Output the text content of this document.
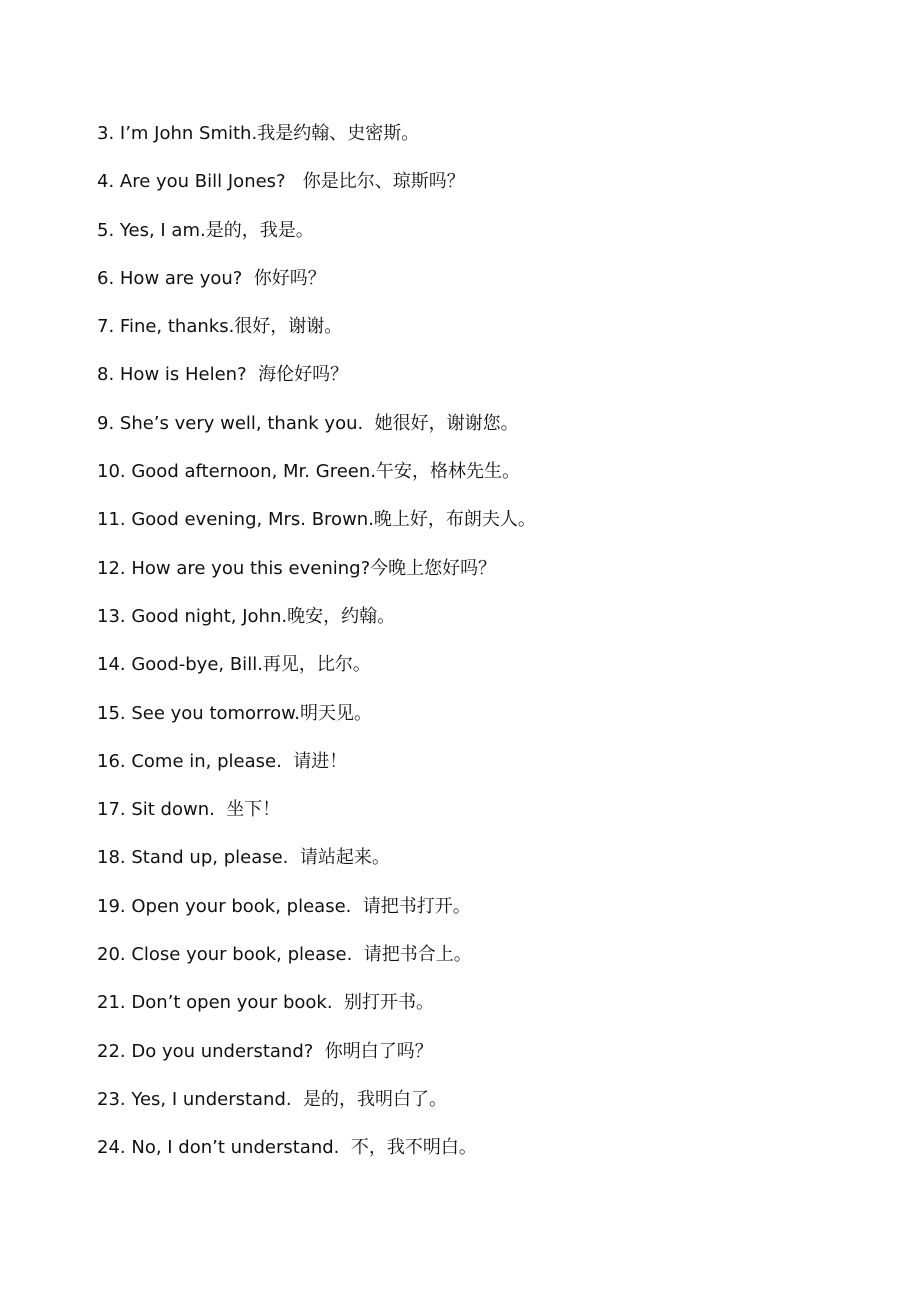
3. I’m John Smith.我是约翰、史密斯。
4. Are you Bill Jones?   你是比尔、琼斯吗？
5. Yes, I am.是的，我是。
6. How are you?  你好吗？
7. Fine, thanks.很好，谢谢。
8. How is Helen?  海伦好吗？
9. She’s very well, thank you.  她很好，谢谢您。
10. Good afternoon, Mr. Green.午安，格林先生。
11. Good evening, Mrs. Brown.晚上好，布朗夫人。
12. How are you this evening?今晚上您好吗？
13. Good night, John.晚安，约翰。
14. Good-bye, Bill.再见，比尔。
15. See you tomorrow.明天见。
16. Come in, please.  请进！
17. Sit down.  坐下！
18. Stand up, please.  请站起来。
19. Open your book, please.  请把书打开。
20. Close your book, please.  请把书合上。
21. Don’t open your book.  别打开书。
22. Do you understand?  你明白了吗？
23. Yes, I understand.  是的，我明白了。
24. No, I don’t understand.  不，我不明白。
